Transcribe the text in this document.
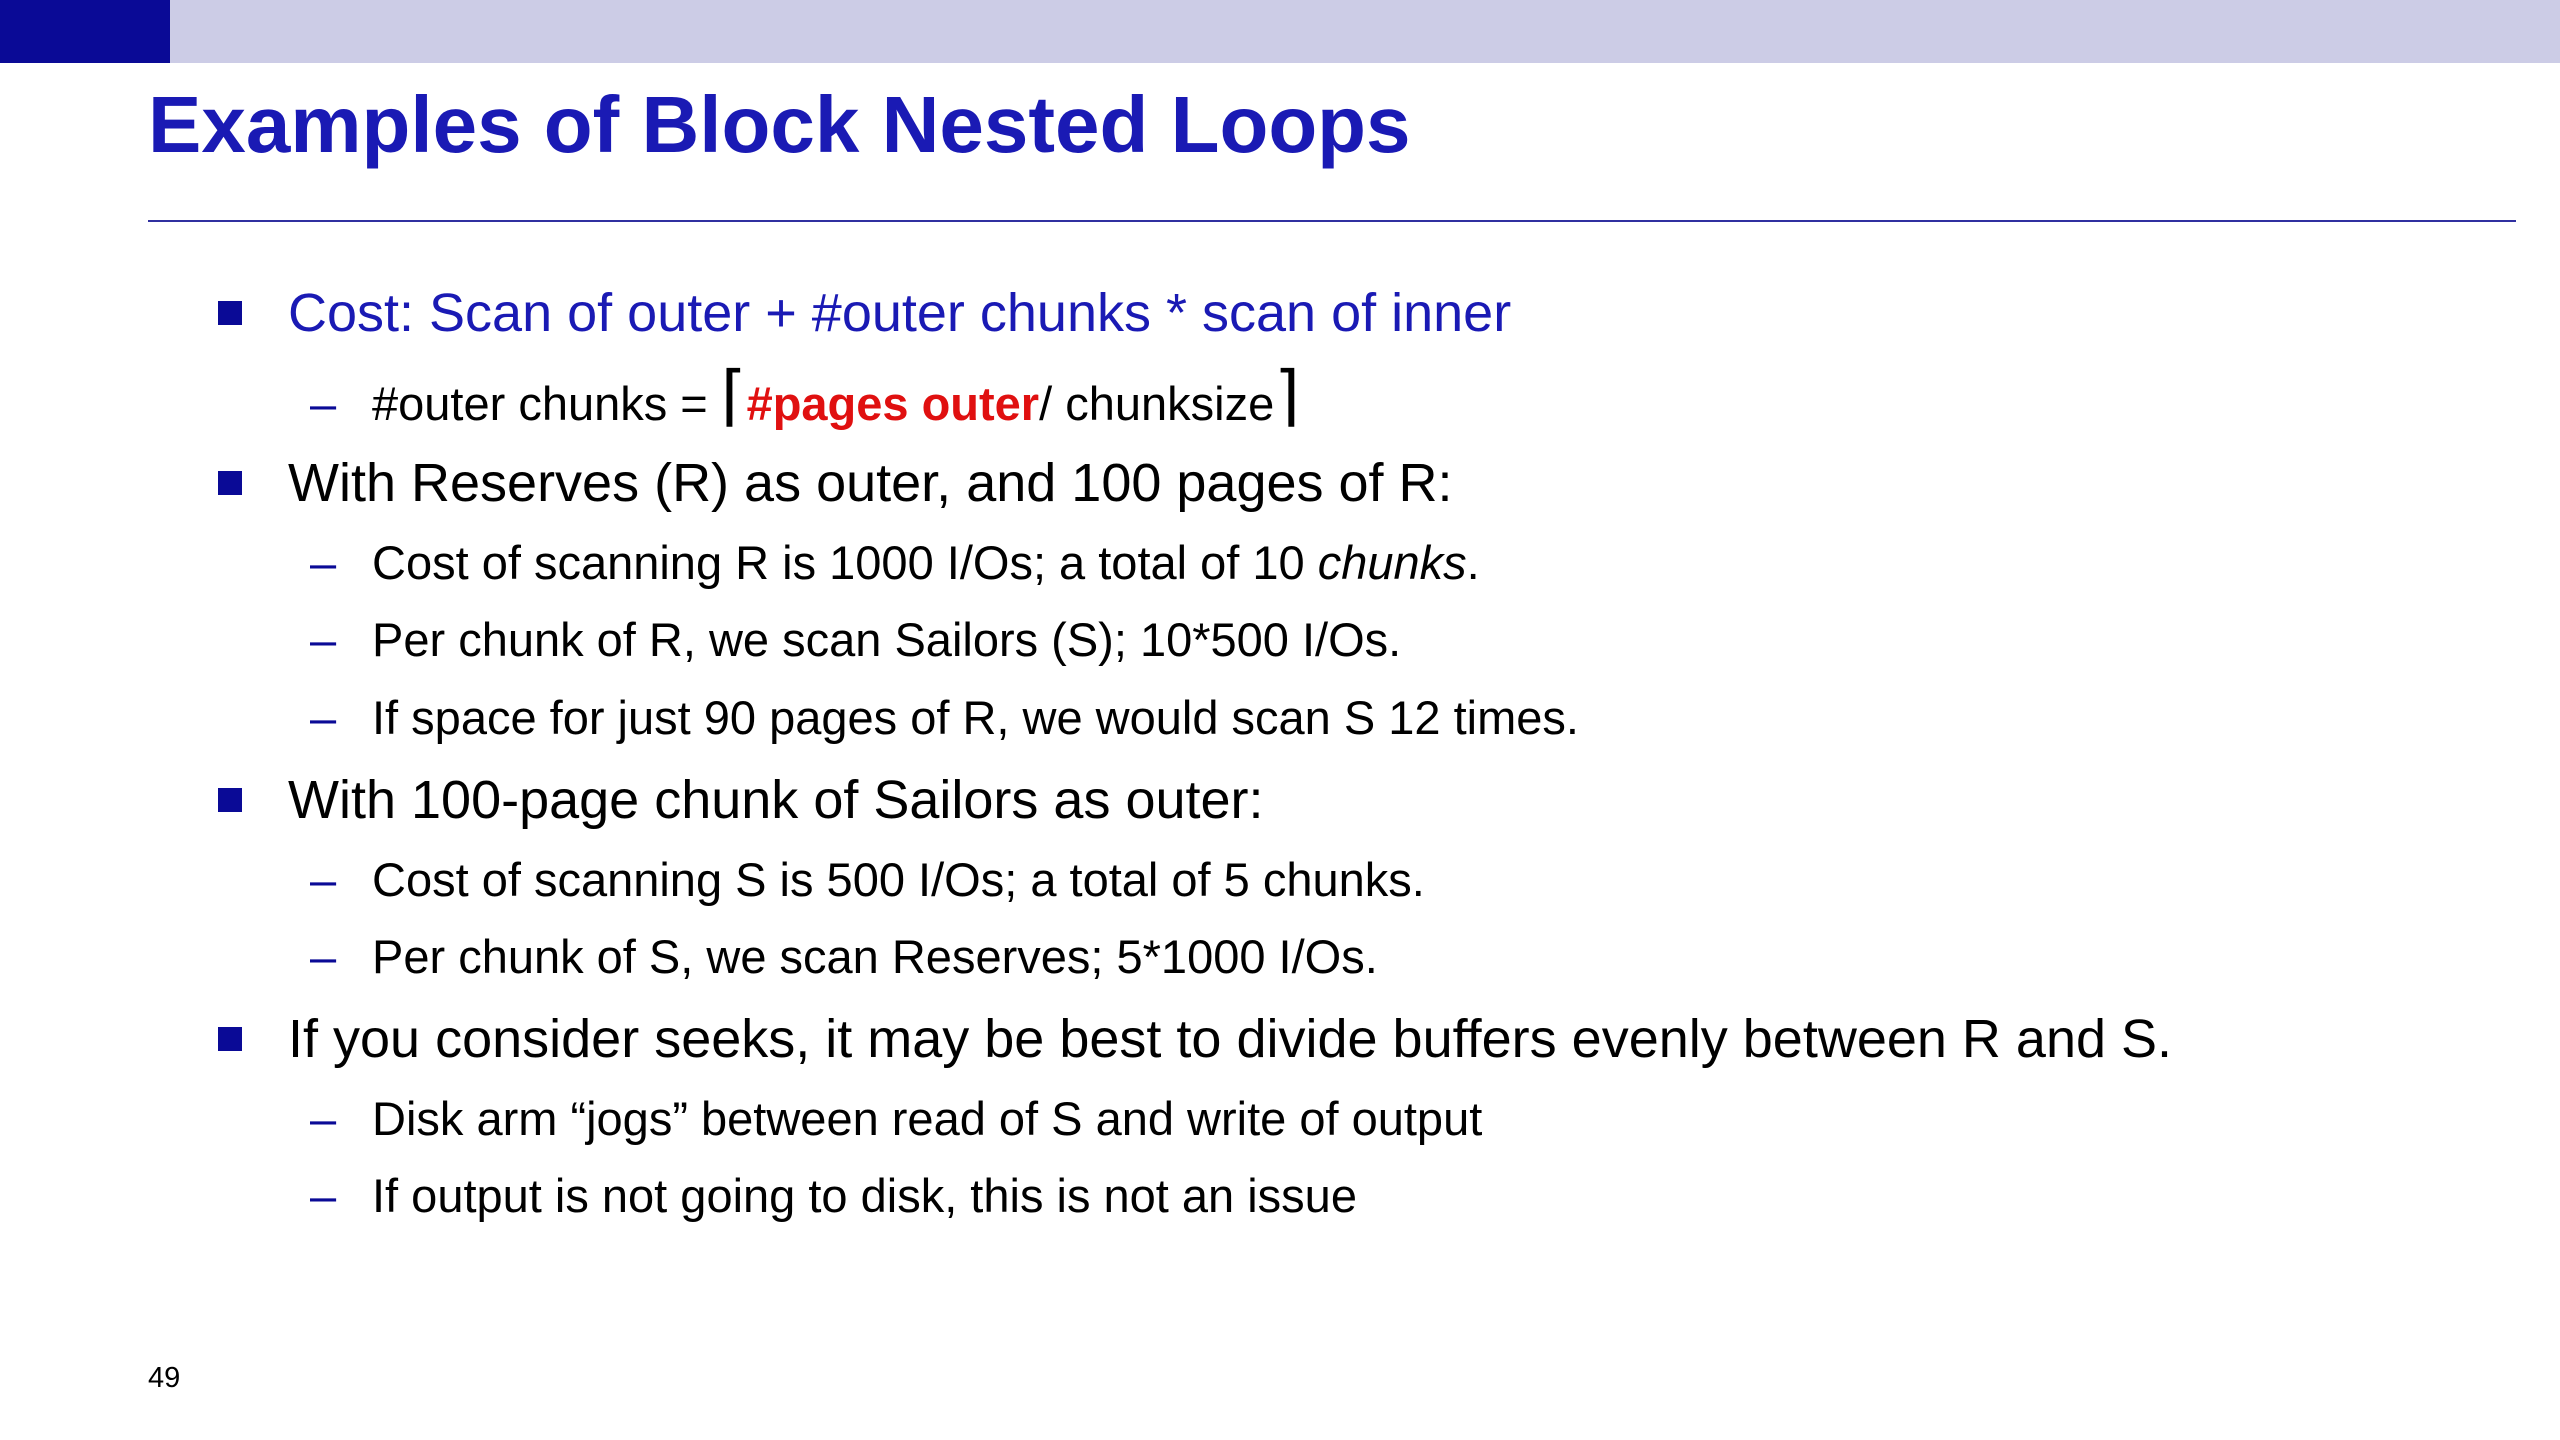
Examples of Block Nested Loops
Cost: Scan of outer + #outer chunks * scan of inner
– #outer chunks = ⌈#pages outer/ chunksize⌉
With Reserves (R) as outer, and 100 pages of R:
– Cost of scanning R is 1000 I/Os; a total of 10 chunks.
– Per chunk of R, we scan Sailors (S); 10*500 I/Os.
– If space for just 90 pages of R, we would scan S 12 times.
With 100-page chunk of Sailors as outer:
– Cost of scanning S is 500 I/Os; a total of 5 chunks.
– Per chunk of S, we scan Reserves; 5*1000 I/Os.
If you consider seeks, it may be best to divide buffers evenly between R and S.
– Disk arm “jogs” between read of S and write of output
– If output is not going to disk, this is not an issue
49
